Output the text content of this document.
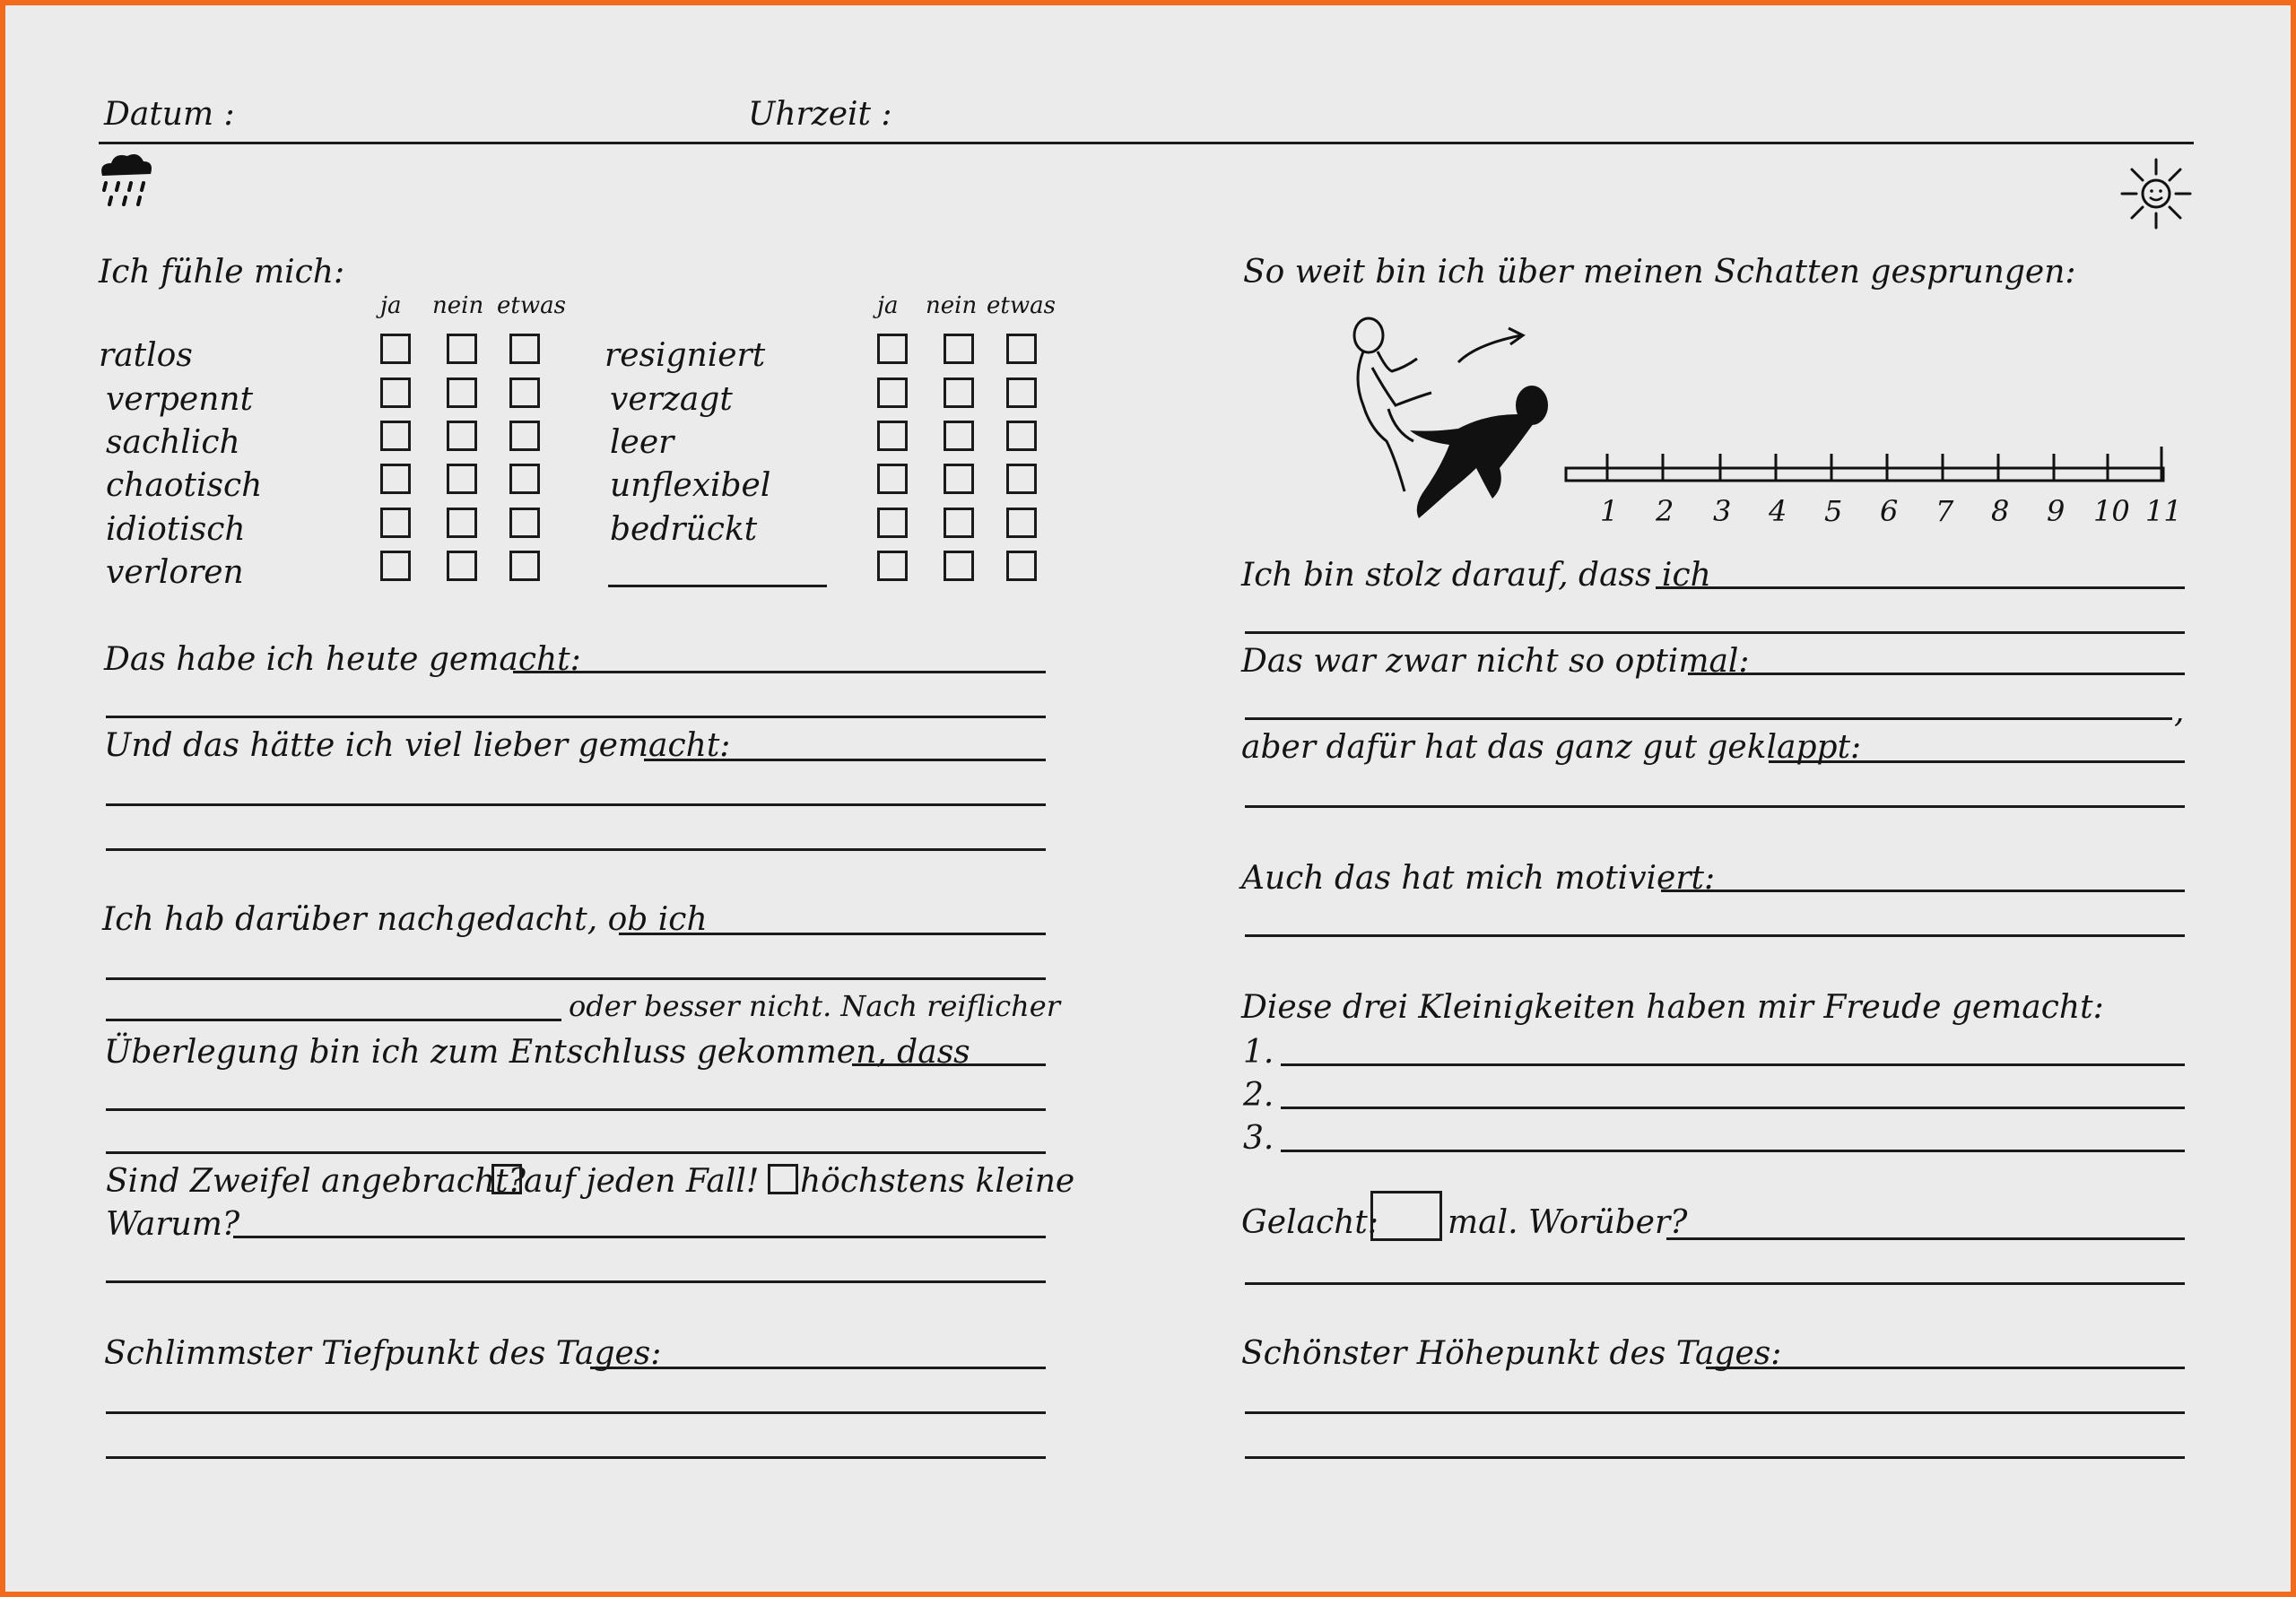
Datum :	Uhrzeit :
Ich fühle mich:
ja nein etwas	ja nein etwas
ratlos
verpennt
sachlich
chaotisch
idiotisch
verloren
resigniert
verzagt
leer
unflexibel
bedrückt
Das habe ich heute gemacht:
Und das hätte ich viel lieber gemacht:
Ich hab darüber nachgedacht, ob ich
oder besser nicht. Nach reiflicher
Überlegung bin ich zum Entschluss gekommen, dass
Sind Zweifel angebracht?
auf jeden Fall! höchstens kleine
Warum?
Schlimmster Tiefpunkt des Tages:
So weit bin ich über meinen Schatten gesprungen:
1 2 3 4 5 6 7 8 9 10 11
Ich bin stolz darauf, dass ich
Das war zwar nicht so optimal:
,
aber dafür hat das ganz gut geklappt:
Auch das hat mich motiviert:
Diese drei Kleinigkeiten haben mir Freude gemacht:
1.
2.
3.
Gelacht: mal. Worüber?
Schönster Höhepunkt des Tages:
